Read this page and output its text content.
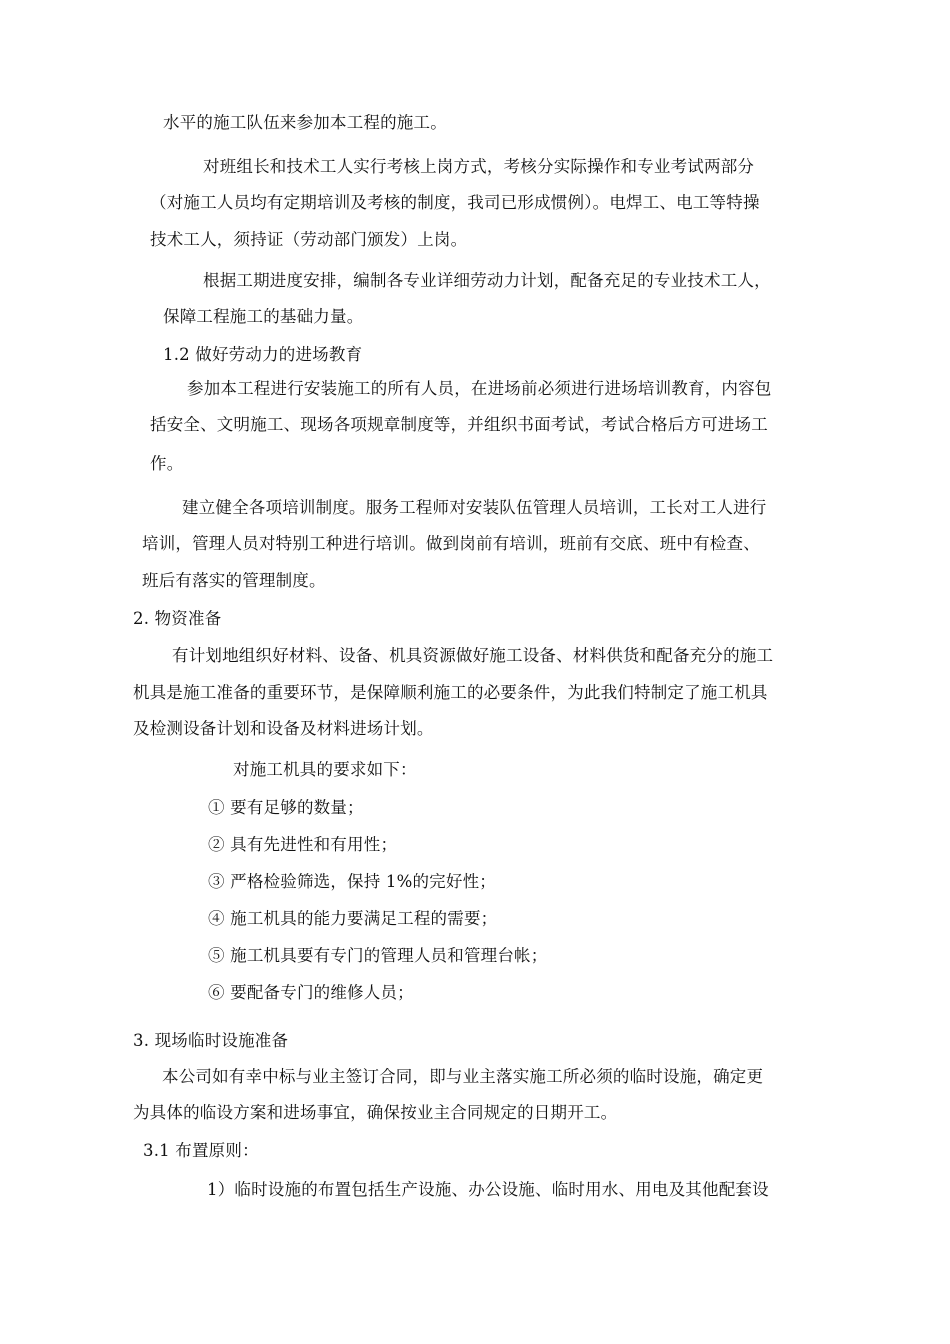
水平的施工队伍来参加本工程的施工。
对班组长和技术工人实行考核上岗方式，考核分实际操作和专业考试两部分
（对施工人员均有定期培训及考核的制度，我司已形成惯例）。电焊工、电工等特操
技术工人，须持证（劳动部门颁发）上岗。
根据工期进度安排，编制各专业详细劳动力计划，配备充足的专业技术工人，
保障工程施工的基础力量。
1.2 做好劳动力的进场教育
参加本工程进行安装施工的所有人员，在进场前必须进行进场培训教育，内容包
括安全、文明施工、现场各项规章制度等，并组织书面考试，考试合格后方可进场工
作。
建立健全各项培训制度。服务工程师对安装队伍管理人员培训，工长对工人进行
培训，管理人员对特别工种进行培训。做到岗前有培训，班前有交底、班中有检查、
班后有落实的管理制度。
2. 物资准备
有计划地组织好材料、设备、机具资源做好施工设备、材料供货和配备充分的施工
机具是施工准备的重要环节，是保障顺利施工的必要条件，为此我们特制定了施工机具
及检测设备计划和设备及材料进场计划。
对施工机具的要求如下：
① 要有足够的数量；
② 具有先进性和有用性；
③ 严格检验筛选，保持 1%的完好性；
④ 施工机具的能力要满足工程的需要；
⑤ 施工机具要有专门的管理人员和管理台帐；
⑥ 要配备专门的维修人员；
3. 现场临时设施准备
本公司如有幸中标与业主签订合同，即与业主落实施工所必须的临时设施，确定更
为具体的临设方案和进场事宜，确保按业主合同规定的日期开工。
3.1 布置原则：
1）临时设施的布置包括生产设施、办公设施、临时用水、用电及其他配套设
